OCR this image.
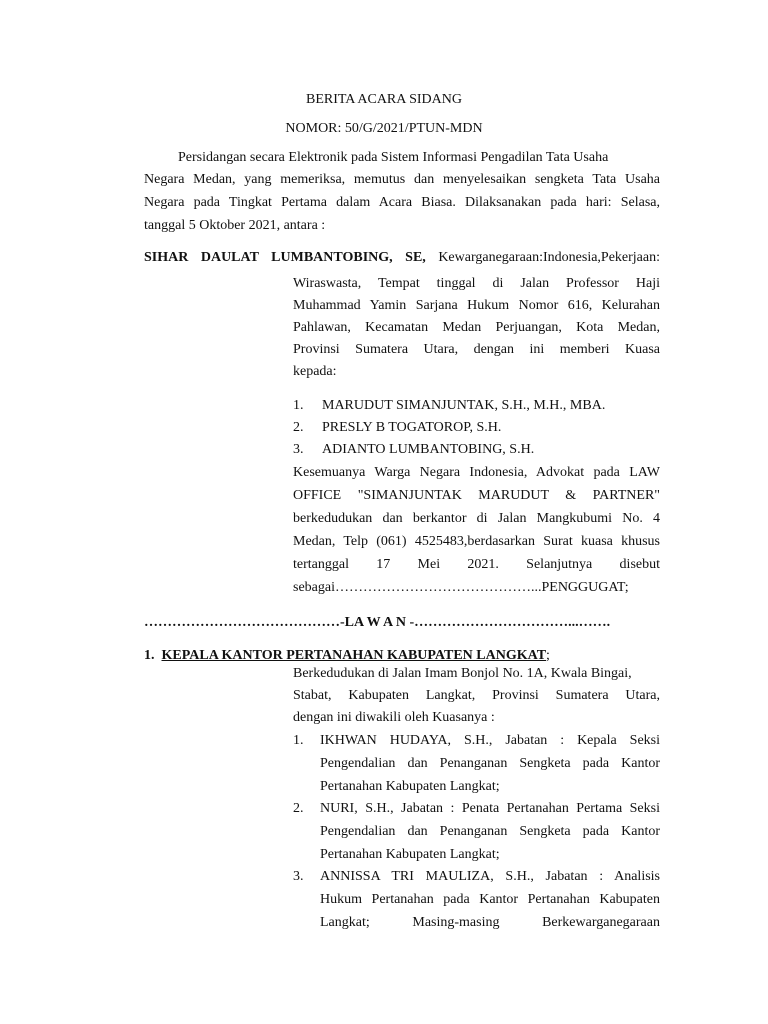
BERITA ACARA SIDANG
NOMOR: 50/G/2021/PTUN-MDN
Persidangan secara Elektronik pada Sistem Informasi Pengadilan Tata Usaha
Negara Medan, yang memeriksa, memutus dan menyelesaikan sengketa Tata Usaha
Negara pada Tingkat Pertama dalam Acara Biasa. Dilaksanakan pada hari: Selasa,
tanggal 5 Oktober 2021, antara :
SIHAR DAULAT LUMBANTOBING, SE, Kewarganegaraan:Indonesia,Pekerjaan:
Wiraswasta, Tempat tinggal di Jalan Professor Haji
Muhammad Yamin Sarjana Hukum Nomor 616, Kelurahan
Pahlawan, Kecamatan Medan Perjuangan, Kota Medan,
Provinsi Sumatera Utara, dengan ini memberi Kuasa
kepada:
1. MARUDUT SIMANJUNTAK, S.H., M.H., MBA.
2. PRESLY B TOGATOROP, S.H.
3. ADIANTO LUMBANTOBING, S.H.
Kesemuanya Warga Negara Indonesia, Advokat pada LAW
OFFICE "SIMANJUNTAK MARUDUT & PARTNER"
berkedudukan dan berkantor di Jalan Mangkubumi No. 4
Medan, Telp (061) 4525483,berdasarkan Surat kuasa khusus
tertanggal 17 Mei 2021. Selanjutnya disebut
sebagai……………………………………...PENGGUGAT;
……………………………………-LA W A N -……………………………...…….
1. KEPALA KANTOR PERTANAHAN KABUPATEN LANGKAT;
Berkedudukan di Jalan Imam Bonjol No. 1A, Kwala Bingai,
Stabat, Kabupaten Langkat, Provinsi Sumatera Utara,
dengan ini diwakili oleh Kuasanya :
1. IKHWAN HUDAYA, S.H., Jabatan : Kepala Seksi
Pengendalian dan Penanganan Sengketa pada Kantor
Pertanahan Kabupaten Langkat;
2. NURI, S.H., Jabatan : Penata Pertanahan Pertama Seksi
Pengendalian dan Penanganan Sengketa pada Kantor
Pertanahan Kabupaten Langkat;
3. ANNISSA TRI MAULIZA, S.H., Jabatan : Analisis
Hukum Pertanahan pada Kantor Pertanahan Kabupaten
Langkat; Masing-masing Berkewarganegaraan
